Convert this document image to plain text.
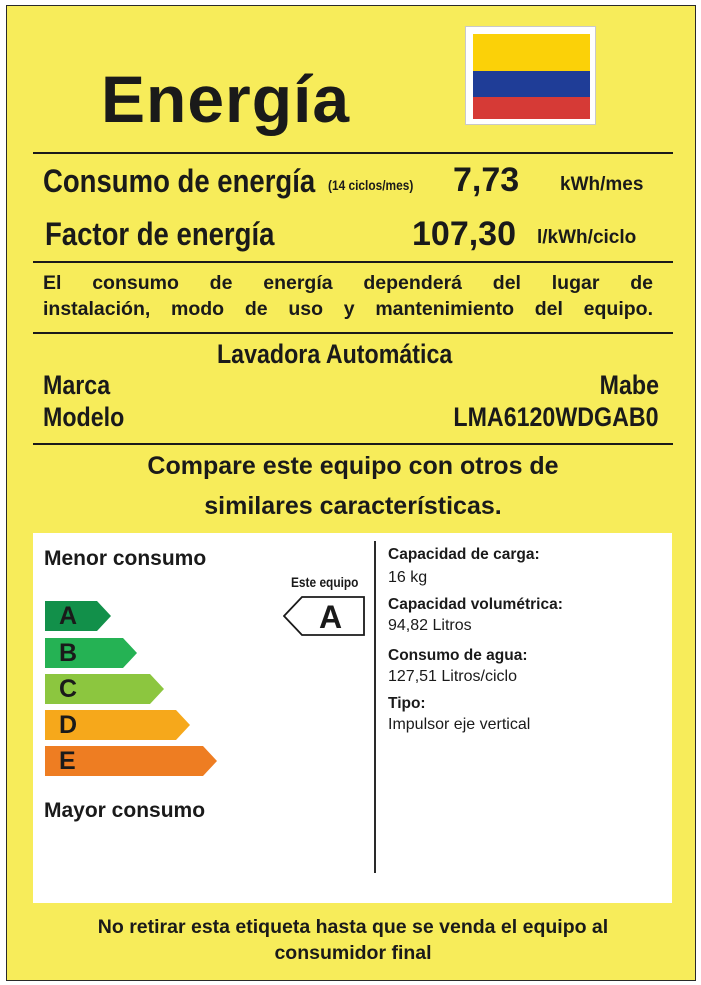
Energía
Consumo de energía (14 ciclos/mes) 7,73 kWh/mes
Factor de energía	107,30 l/kWh/ciclo
El consumo de energía dependerá del lugar de
instalación, modo de uso y mantenimiento del equipo.
Lavadora Automática
Marca	Mabe
Modelo	LMA6120WDGAB0
Compare este equipo con otros de
similares características.
Menor consumo
A
B
C
D
E
Mayor consumo
Este equipo
A
Capacidad de carga:
16 kg
Capacidad volumétrica:
94,82 Litros
Consumo de agua:
127,51 Litros/ciclo
Tipo:
Impulsor eje vertical
No retirar esta etiqueta hasta que se venda el equipo al
consumidor final
